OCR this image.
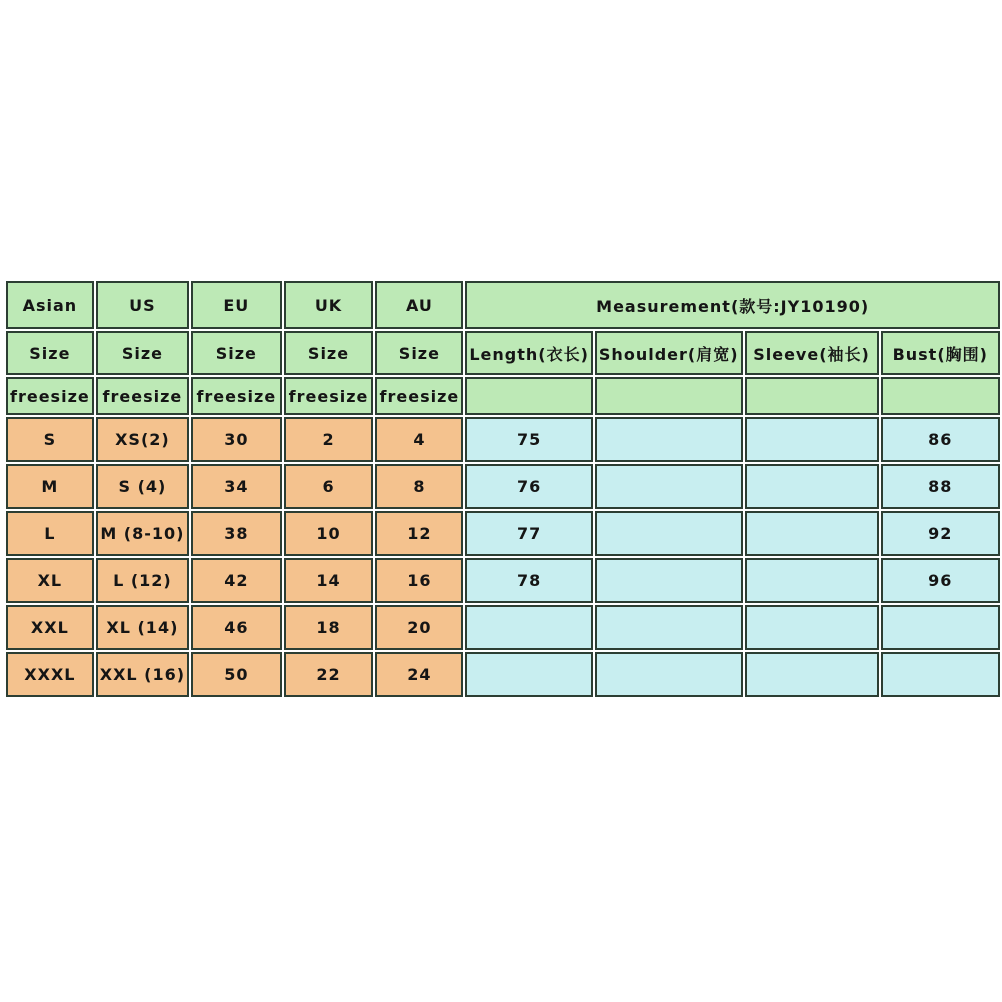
Asian	US	EU	UK	AU	Measurement(款号:JY10190)			
Size	Size	Size	Size	Size	Length(衣长)	Shoulder(肩宽)	Sleeve(袖长)	Bust(胸围)
freesize	freesize	freesize	freesize	freesize				
S	XS(2)	30	2	4	75			86
M	S (4)	34	6	8	76			88
L	M (8-10)	38	10	12	77			92
XL	L (12)	42	14	16	78			96
XXL	XL (14)	46	18	20				
XXXL	XXL (16)	50	22	24				
